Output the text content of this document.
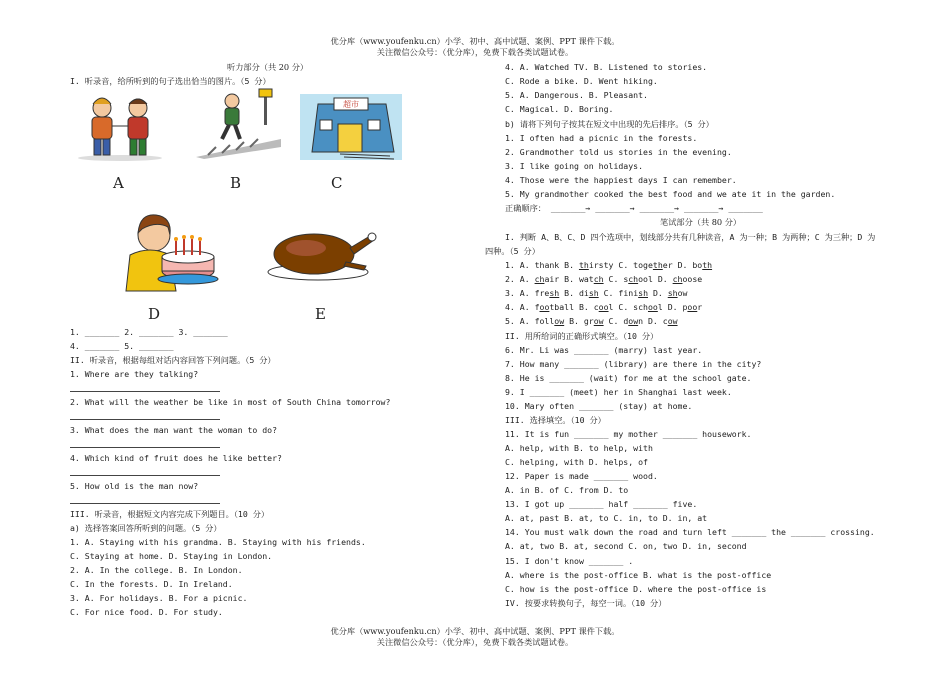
优分库（www.youfenku.cn）小学、初中、高中试题、案例、PPT 课件下载。
关注微信公众号：（优分库），免费下载各类试题试卷。
听力部分（共 20 分）
I. 听录音，给所听到的句子选出恰当的图片。（5 分）
A	B
超市
C
D	E
1. _______ 2. _______ 3. _______
4. _______ 5. _______
II. 听录音，根据每组对话内容回答下列问题。（5 分）
1. Where are they talking?
2. What will the weather be like in most of South China tomorrow?
3. What does the man want the woman to do?
4. Which kind of fruit does he like better?
5. How old is the man now?
III. 听录音，根据短文内容完成下列题目。（10 分）
a) 选择答案回答所听到的问题。（5 分）
1. A. Staying with his grandma. B. Staying with his friends.
C. Staying at home. D. Staying in London.
2. A. In the college. B. In London.
C. In the forests. D. In Ireland.
3. A. For holidays. B. For a picnic.
C. For nice food. D. For study.
4. A. Watched TV. B. Listened to stories.
C. Rode a bike. D. Went hiking.
5. A. Dangerous. B. Pleasant.
C. Magical. D. Boring.
b) 请将下列句子按其在短文中出现的先后排序。（5 分）
1. I often had a picnic in the forests.
2. Grandmother told us stories in the evening.
3. I like going on holidays.
4. Those were the happiest days I can remember.
5. My grandmother cooked the best food and we ate it in the garden.
正确顺序： _______→ _______→ _______→ _______→ _______
笔试部分（共 80 分）
I. 判断 A、B、C、D 四个选项中，划线部分共有几种读音，A 为一种；B 为两种；C 为三种；D 为
四种。（5 分）
1. A. thank B. thirsty C. together D. both
2. A. chair B. watch C. school D. choose
3. A. fresh B. dish C. finish D. show
4. A. football B. cool C. school D. poor
5. A. follow B. grow C. down D. cow
II. 用所给词的正确形式填空。（10 分）
6. Mr. Li was _______ (marry) last year.
7. How many _______ (library) are there in the city?
8. He is _______ (wait) for me at the school gate.
9. I _______ (meet) her in Shanghai last week.
10. Mary often _______ (stay) at home.
III. 选择填空。（10 分）
11. It is fun _______ my mother _______ housework.
A. help, with B. to help, with
C. helping, with D. helps, of
12. Paper is made _______ wood.
A. in B. of C. from D. to
13. I got up _______ half _______ five.
A. at, past B. at, to C. in, to D. in, at
14. You must walk down the road and turn left _______ the _______ crossing.
A. at, two B. at, second C. on, two D. in, second
15. I don't know _______ .
A. where is the post-office B. what is the post-office
C. how is the post-office D. where the post-office is
IV. 按要求转换句子，每空一词。（10 分）
优分库（www.youfenku.cn）小学、初中、高中试题、案例、PPT 课件下载。
关注微信公众号：（优分库），免费下载各类试题试卷。
